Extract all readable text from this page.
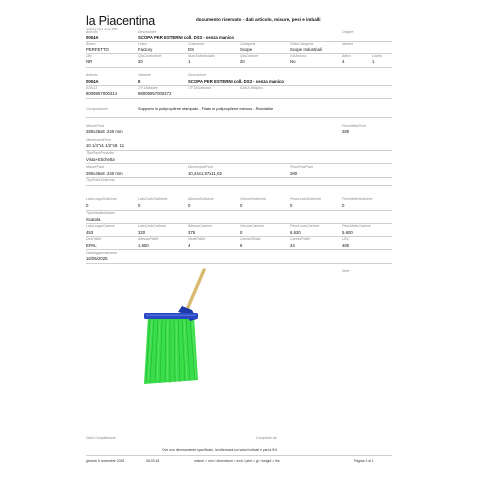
la Piacentina
cleaning tools since 1950
documento riservato - dati articolo, misure, pesi e imballi
Articolo	Descrizione	Origine
0004A	SCOPA PER ESTERNI coll. DS3 - senza manico
Brand	Linea	Collezione	Categoria	SottoCategoria	Market
PERFETTO	Factory	DS	Scope	Scope Industriali
UM	QtaConfezione	NumSottoImballo	QtaCartone	IVAIncluso	Attivo	Listino
NR	20	1	20	No	4	1
Articolo	Variante	Descrizione
0004A	0	SCOPA PER ESTERNI coll. DS3 - senza manico
EAN13	ITF14Master	ITF14SottoImb	EANX Milliplus
8009957000414	98009957000472
Composizione	Supporto in polipropilene stampato - Filato in polipropilene estruso - Riciclabile
MisureProd	PesoNettoProd
280x45x8 .240 mm	280
DimensioniProd
10 1/4"x1 1/2"x9. 11
TipoPackProdotto
Vista+Etichetta
MisurePack	DimensioniPack	PesoProdPack
280x45x8 .240 mm	10,24x1,97x11,02	280
TipoPackSottoImb
LatoLungoSottoImb	LatoCortoSottoImb	AltezzaSottoImb	VolumeSottoImb	PesoLordoSottoImb	PesoNettoSottoImb
0	0	0	0	0	0
TipoImballoMaster
Scatola
LatoLungoCartone	LatoCortoCartone	AltezzaCartone	VolumeCartone	PesoLordoCartone	PesoNettoCartone
453	320	375	0	6.620	5.600
DesPallet	AltezzaPallet	StratiPallet	CartoniStrato	CartoniPallet	UDC
EPAL	1.650	4	6	24	480
DataAggiornamento
16/05/2025
Note
Data Compilazione	Compilato da
Ove non diversamente specificato, la tolleranza sui valori indicati è pari a 5%
giovedì 6 novembre 2025	08:03:18	misure = mm / dimensioni = inch / pesi = gr / weight = lbs	Pagina 1 di 1
